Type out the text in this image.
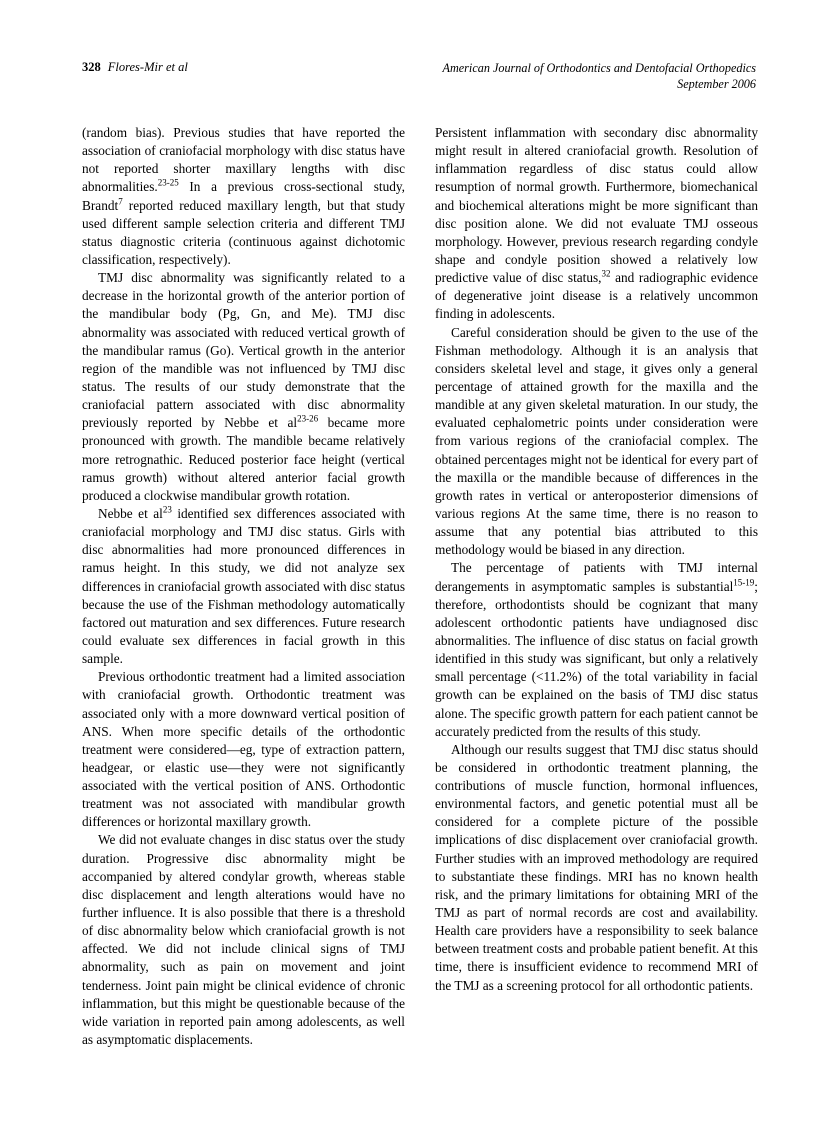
328 Flores-Mir et al	American Journal of Orthodontics and Dentofacial Orthopedics
September 2006

(random bias). Previous studies that have reported the association of craniofacial morphology with disc status have not reported shorter maxillary lengths with disc abnormalities.$^{23-25}$ In a previous cross-sectional study, Brandt$^7$ reported reduced maxillary length, but that study used different sample selection criteria and different TMJ status diagnostic criteria (continuous against dichotomic classification, respectively).

TMJ disc abnormality was significantly related to a decrease in the horizontal growth of the anterior portion of the mandibular body (Pg, Gn, and Me). TMJ disc abnormality was associated with reduced vertical growth of the mandibular ramus (Go). Vertical growth in the anterior region of the mandible was not influenced by TMJ disc status. The results of our study demonstrate that the craniofacial pattern associated with disc abnormality previously reported by Nebbe et $al^{23-26}$ became more pronounced with growth. The mandible became relatively more retrognathic. Reduced posterior face height (vertical ramus growth) without altered anterior facial growth produced a clockwise mandibular growth rotation.

Nebbe et $al^{23}$ identified sex differences associated with craniofacial morphology and TMJ disc status. Girls with disc abnormalities had more pronounced differences in ramus height. In this study, we did not analyze sex differences in craniofacial growth associated with disc status because the use of the Fishman methodology automatically factored out maturation and sex differences. Future research could evaluate sex differences in facial growth in this sample.

Previous orthodontic treatment had a limited association with craniofacial growth. Orthodontic treatment was associated only with a more downward vertical position of ANS. When more specific details of the orthodontic treatment were considered—eg, type of extraction pattern, headgear, or elastic use—they were not significantly associated with the vertical position of ANS. Orthodontic treatment was not associated with mandibular growth differences or horizontal maxillary growth.

We did not evaluate changes in disc status over the study duration. Progressive disc abnormality might be accompanied by altered condylar growth, whereas stable disc displacement and length alterations would have no further influence. It is also possible that there is a threshold of disc abnormality below which craniofacial growth is not affected. We did not include clinical signs of TMJ abnormality, such as pain on movement and joint tenderness. Joint pain might be clinical evidence of chronic inflammation, but this might be questionable because of the wide variation in reported pain among adolescents, as well as asymptomatic displacements.

Persistent inflammation with secondary disc abnormality might result in altered craniofacial growth. Resolution of inflammation regardless of disc status could allow resumption of normal growth. Furthermore, biomechanical and biochemical alterations might be more significant than disc position alone. We did not evaluate TMJ osseous morphology. However, previous research regarding condyle shape and condyle position showed a relatively low predictive value of disc status,$^{32}$ and radiographic evidence of degenerative joint disease is a relatively uncommon finding in adolescents.

Careful consideration should be given to the use of the Fishman methodology. Although it is an analysis that considers skeletal level and stage, it gives only a general percentage of attained growth for the maxilla and the mandible at any given skeletal maturation. In our study, the evaluated cephalometric points under consideration were from various regions of the craniofacial complex. The obtained percentages might not be identical for every part of the maxilla or the mandible because of differences in the growth rates in vertical or anteroposterior dimensions of various regions At the same time, there is no reason to assume that any potential bias attributed to this methodology would be biased in any direction.

The percentage of patients with TMJ internal derangements in asymptomatic samples is substantial$^{15-19}$; therefore, orthodontists should be cognizant that many adolescent orthodontic patients have undiagnosed disc abnormalities. The influence of disc status on facial growth identified in this study was significant, but only a relatively small percentage (<11.2%) of the total variability in facial growth can be explained on the basis of TMJ disc status alone. The specific growth pattern for each patient cannot be accurately predicted from the results of this study.

Although our results suggest that TMJ disc status should be considered in orthodontic treatment planning, the contributions of muscle function, hormonal influences, environmental factors, and genetic potential must all be considered for a complete picture of the possible implications of disc displacement over craniofacial growth. Further studies with an improved methodology are required to substantiate these findings. MRI has no known health risk, and the primary limitations for obtaining MRI of the TMJ as part of normal records are cost and availability. Health care providers have a responsibility to seek balance between treatment costs and probable patient benefit. At this time, there is insufficient evidence to recommend MRI of the TMJ as a screening protocol for all orthodontic patients.
